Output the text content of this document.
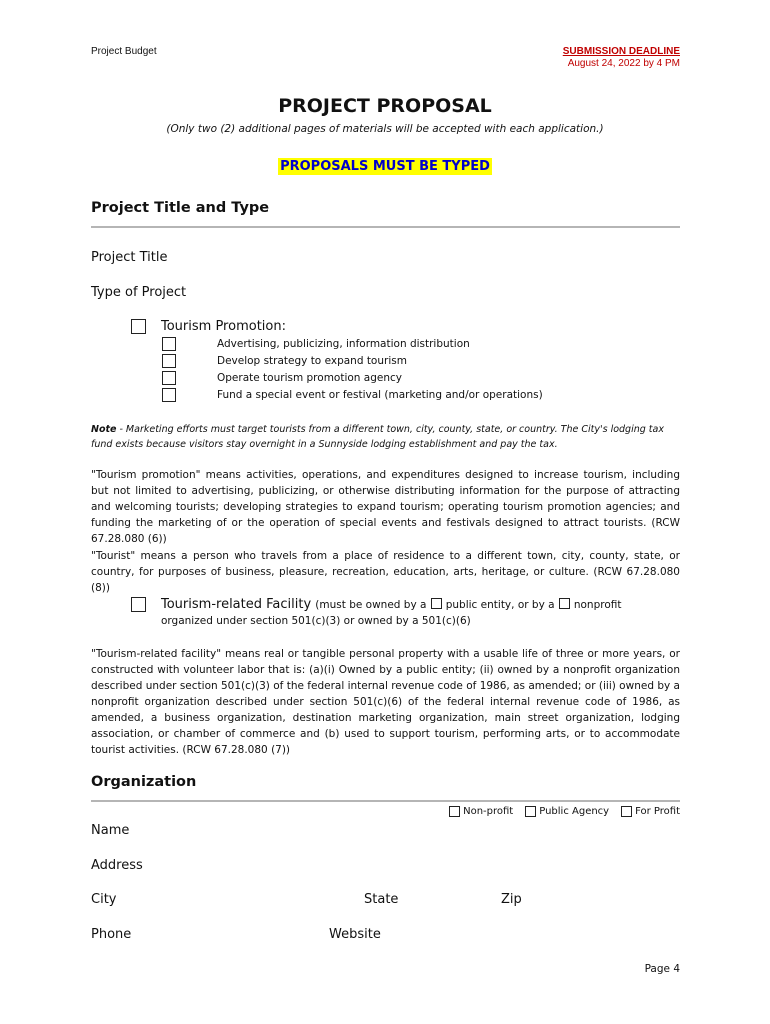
Project Budget	SUBMISSION DEADLINE
August 24, 2022 by 4 PM
PROJECT PROPOSAL
(Only two (2) additional pages of materials will be accepted with each application.)
PROPOSALS MUST BE TYPED
Project Title and Type
Project Title
Type of Project
Tourism Promotion:
Advertising, publicizing, information distribution
Develop strategy to expand tourism
Operate tourism promotion agency
Fund a special event or festival (marketing and/or operations)
Note - Marketing efforts must target tourists from a different town, city, county, state, or country. The City's lodging tax fund exists because visitors stay overnight in a Sunnyside lodging establishment and pay the tax.
"Tourism promotion" means activities, operations, and expenditures designed to increase tourism, including but not limited to advertising, publicizing, or otherwise distributing information for the purpose of attracting and welcoming tourists; developing strategies to expand tourism; operating tourism promotion agencies; and funding the marketing of or the operation of special events and festivals designed to attract tourists. (RCW 67.28.080 (6))
"Tourist" means a person who travels from a place of residence to a different town, city, county, state, or country, for purposes of business, pleasure, recreation, education, arts, heritage, or culture. (RCW 67.28.080 (8))
Tourism-related Facility (must be owned by a public entity, or by a nonprofit
organized under section 501(c)(3) or owned by a 501(c)(6)
"Tourism-related facility" means real or tangible personal property with a usable life of three or more years, or constructed with volunteer labor that is: (a)(i) Owned by a public entity; (ii) owned by a nonprofit organization described under section 501(c)(3) of the federal internal revenue code of 1986, as amended; or (iii) owned by a nonprofit organization described under section 501(c)(6) of the federal internal revenue code of 1986, as amended, a business organization, destination marketing organization, main street organization, lodging association, or chamber of commerce and (b) used to support tourism, performing arts, or to accommodate tourist activities. (RCW 67.28.080 (7))
Organization
Non-profit	Public Agency	For Profit
Name
Address
City	State	Zip
Phone	Website
Page 4
